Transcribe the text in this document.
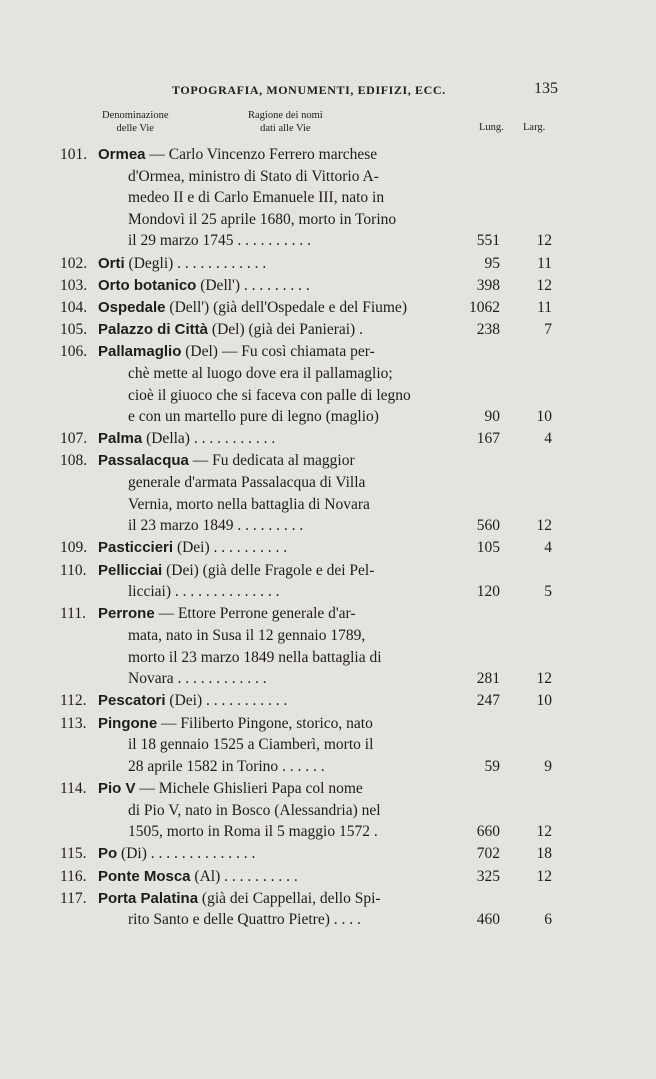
TOPOGRAFIA, MONUMENTI, EDIFIZI, ECC.	135
Denominazione
delle Vie
Ragione dei nomi
dati alle Vie	Lung. Larg.
101. Ormea — Carlo Vincenzo Ferrero marchese
d'Ormea, ministro di Stato di Vittorio A-
medeo II e di Carlo Emanuele III, nato in
Mondovì il 25 aprile 1680, morto in Torino
il 29 marzo 1745 . . . . . . . . . .	551	12
102. Orti (Degli) . . . . . . . . . . . .	95	11
103. Orto botanico (Dell') . . . . . . . . .	398	12
104. Ospedale (Dell') (già dell'Ospedale e del Fiume)	1062	11
105. Palazzo di Città (Del) (già dei Panierai) .	238	7
106. Pallamaglio (Del) — Fu così chiamata per-
chè mette al luogo dove era il pallamaglio;
cioè il giuoco che si faceva con palle di legno
e con un martello pure di legno (maglio)	90	10
107. Palma (Della) . . . . . . . . . . .	167	4
108. Passalacqua — Fu dedicata al maggior
generale d'armata Passalacqua di Villa
Vernia, morto nella battaglia di Novara
il 23 marzo 1849 . . . . . . . . .	560	12
109. Pasticcieri (Dei) . . . . . . . . . .	105	4
110. Pellicciai (Dei) (già delle Fragole e dei Pel-
licciai) . . . . . . . . . . . . . .	120	5
111. Perrone — Ettore Perrone generale d'ar-
mata, nato in Susa il 12 gennaio 1789,
morto il 23 marzo 1849 nella battaglia di
Novara . . . . . . . . . . . .	281	12
112. Pescatori (Dei) . . . . . . . . . . .	247	10
113. Pingone — Filiberto Pingone, storico, nato
il 18 gennaio 1525 a Ciamberì, morto il
28 aprile 1582 in Torino . . . . . .	59	9
114. Pio V — Michele Ghislieri Papa col nome
di Pio V, nato in Bosco (Alessandria) nel
1505, morto in Roma il 5 maggio 1572 .	660	12
115. Po (Di) . . . . . . . . . . . . . .	702	18
116. Ponte Mosca (Al) . . . . . . . . . .	325	12
117. Porta Palatina (già dei Cappellai, dello Spi-
rito Santo e delle Quattro Pietre) . . . .	460	6
